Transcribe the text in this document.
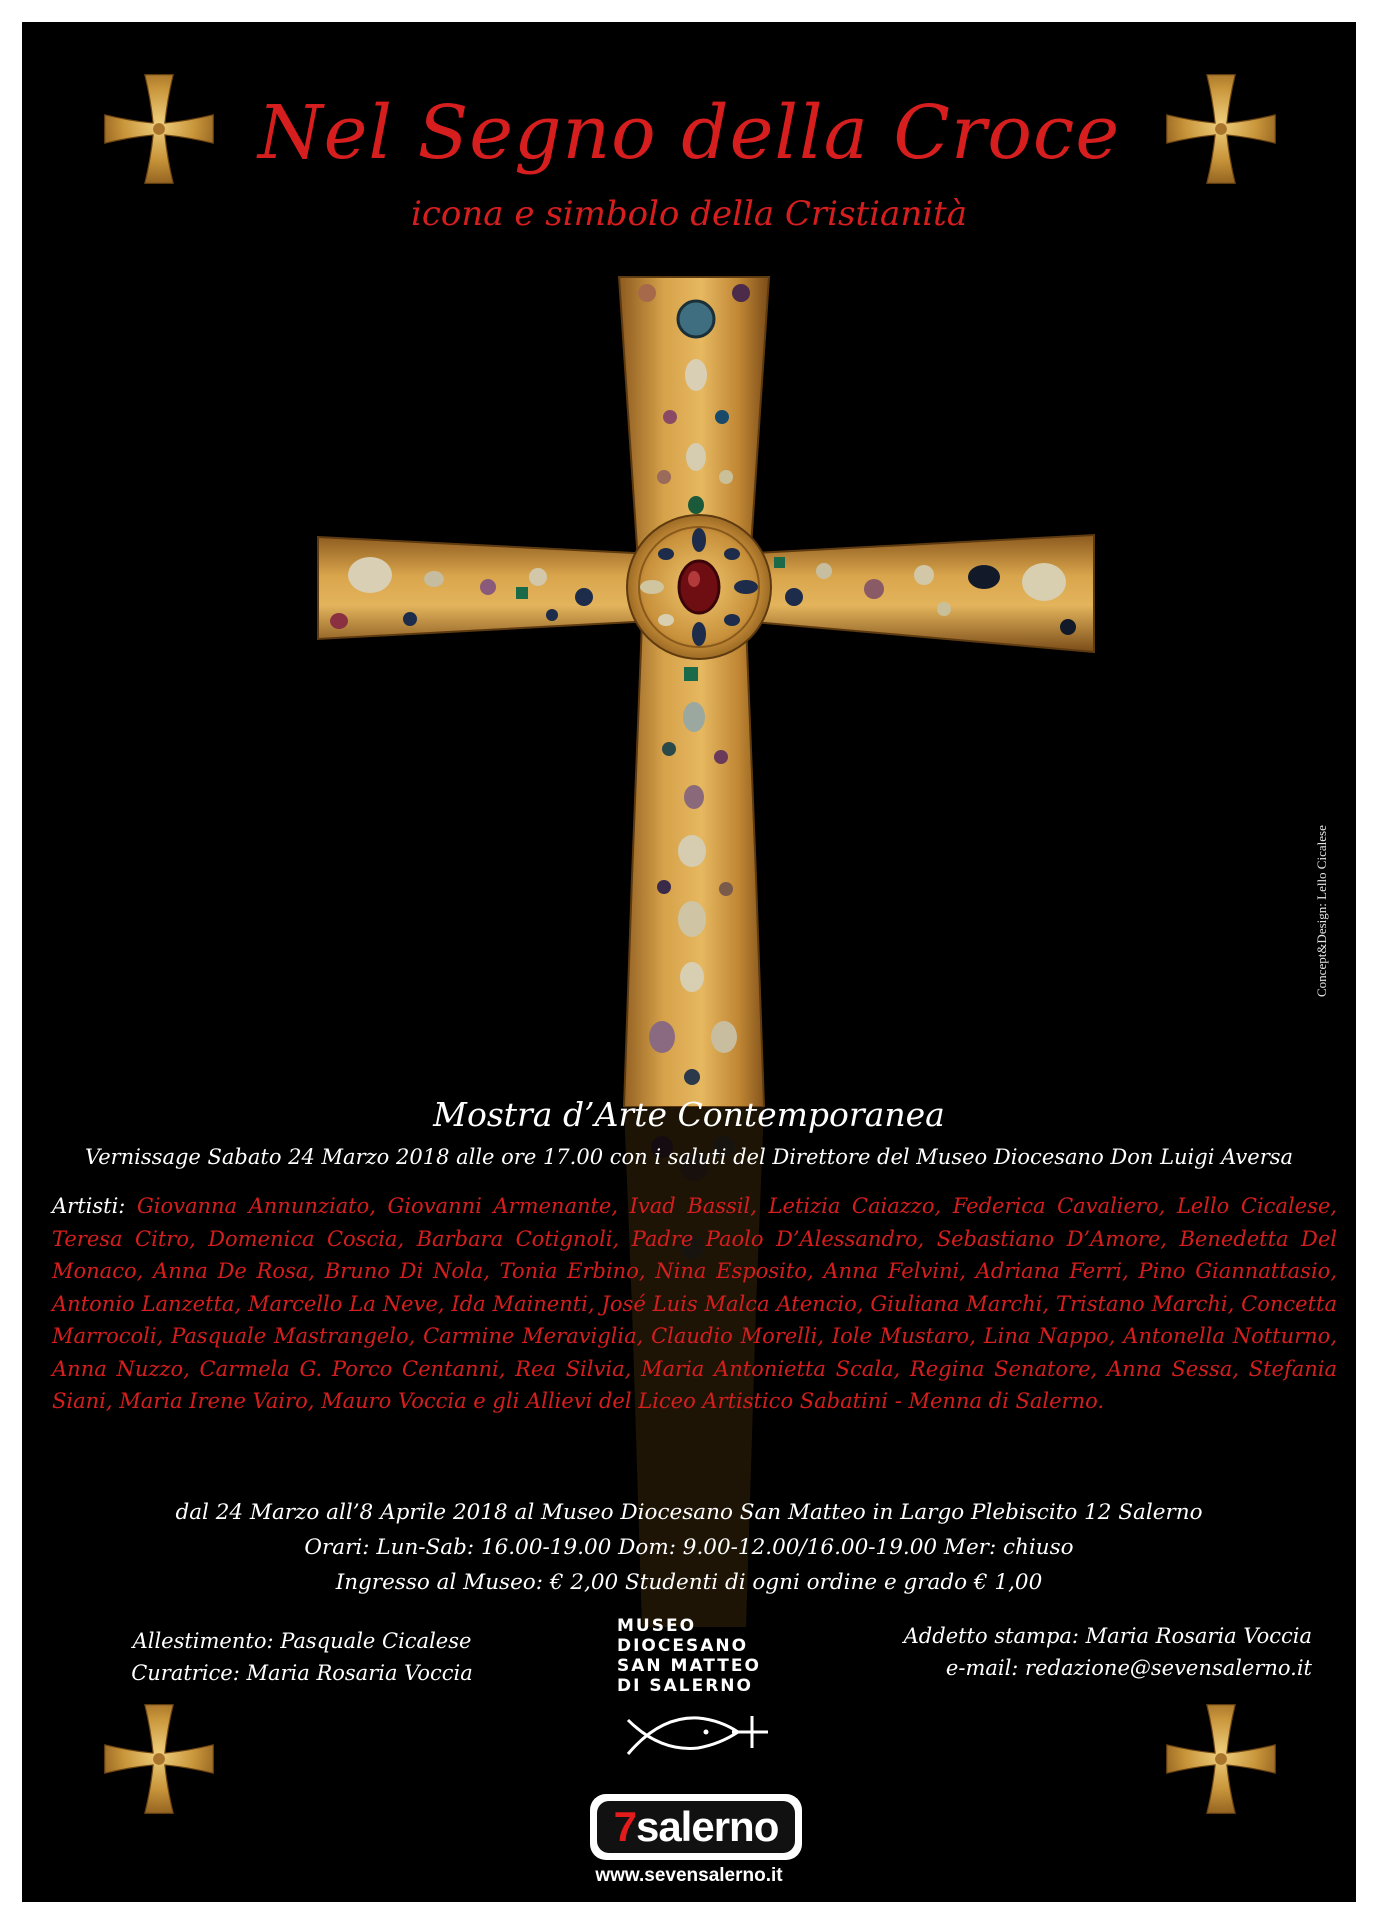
Nel Segno della Croce
icona e simbolo della Cristianità
Concept&Design: Lello Cicalese
Mostra d’Arte Contemporanea
Vernissage Sabato 24 Marzo 2018 alle ore 17.00 con i saluti del Direttore del Museo Diocesano Don Luigi Aversa
Artisti: Giovanna Annunziato, Giovanni Armenante, Ivad Bassil, Letizia Caiazzo, Federica Cavaliero, Lello Cicalese, Teresa Citro, Domenica Coscia, Barbara Cotignoli, Padre Paolo D’Alessandro, Sebastiano D’Amore, Benedetta Del Monaco, Anna De Rosa, Bruno Di Nola, Tonia Erbino, Nina Esposito, Anna Felvini, Adriana Ferri, Pino Giannattasio, Antonio Lanzetta, Marcello La Neve, Ida Mainenti, José Luis Malca Atencio, Giuliana Marchi, Tristano Marchi, Concetta Marrocoli, Pasquale Mastrangelo, Carmine Meraviglia, Claudio Morelli, Iole Mustaro, Lina Nappo, Antonella Notturno, Anna Nuzzo, Carmela G. Porco Centanni, Rea Silvia, Maria Antonietta Scala, Regina Senatore, Anna Sessa, Stefania Siani, Maria Irene Vairo, Mauro Voccia e gli Allievi del Liceo Artistico Sabatini - Menna di Salerno.
dal 24 Marzo all’8 Aprile 2018 al Museo Diocesano San Matteo in Largo Plebiscito 12 Salerno
Orari: Lun-Sab: 16.00-19.00 Dom: 9.00-12.00/16.00-19.00 Mer: chiuso
Ingresso al Museo: € 2,00 Studenti di ogni ordine e grado € 1,00
Allestimento: Pasquale Cicalese
Curatrice: Maria Rosaria Voccia
MUSEO
DIOCESANO
SAN MATTEO
DI SALERNO
Addetto stampa: Maria Rosaria Voccia
e-mail: redazione@sevensalerno.it
7 salerno
www.sevensalerno.it
